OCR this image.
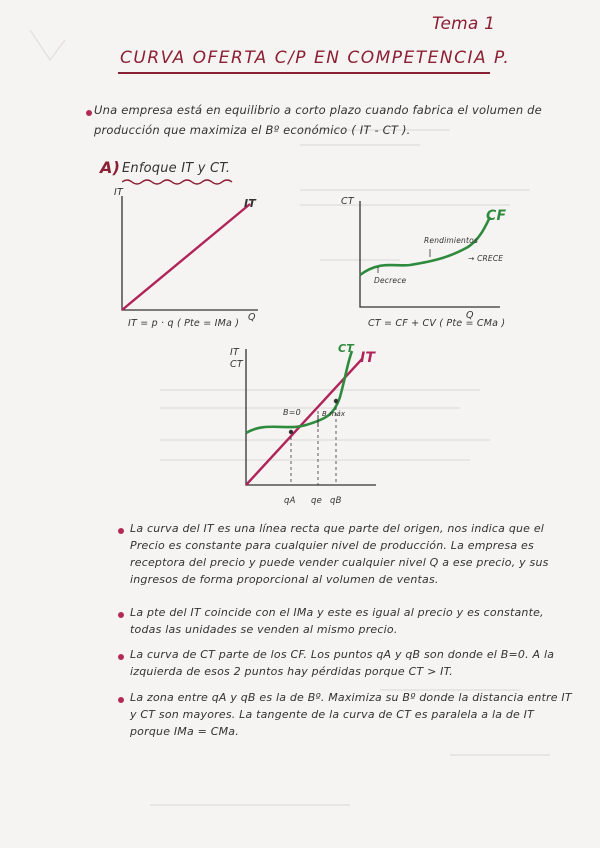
Tema 1
CURVA OFERTA C/P EN COMPETENCIA P.
Una empresa está en equilibrio a corto plazo cuando fabrica el volumen de producción que maximiza el Bº económico ( IT - CT ).
A) Enfoque IT y CT.
IT
Q
IT
IT = p · q ( Pte = IMa )
CT
Q
CF
Rendimientos
Decrece
→ CRECE
CT = CF + CV ( Pte = CMa )
IT
CT
CT
IT
B=0	B máx
qA qe qB
La curva del IT es una línea recta que parte del origen, nos indica que el Precio es constante para cualquier nivel de producción. La empresa es receptora del precio y puede vender cualquier nivel Q a ese precio, y sus ingresos de forma proporcional al volumen de ventas.
La pte del IT coincide con el IMa y este es igual al precio y es constante, todas las unidades se venden al mismo precio.
La curva de CT parte de los CF. Los puntos qA y qB son donde el B=0. A la izquierda de esos 2 puntos hay pérdidas porque CT > IT.
La zona entre qA y qB es la de Bº. Maximiza su Bº donde la distancia entre IT y CT son mayores. La tangente de la curva de CT es paralela a la de IT porque IMa = CMa.
